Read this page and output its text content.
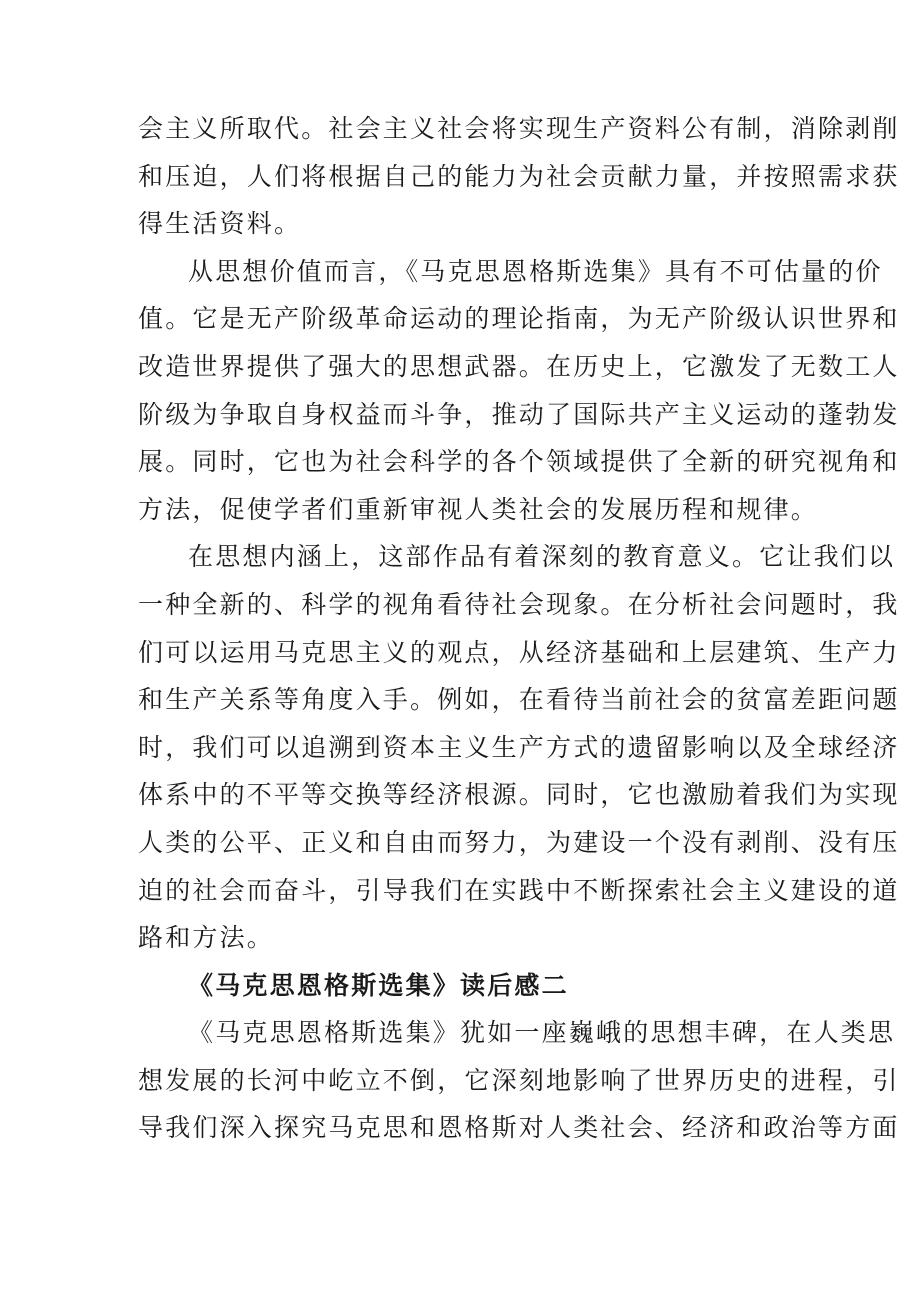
会主义所取代。社会主义社会将实现生产资料公有制，消除剥削
和压迫，人们将根据自己的能力为社会贡献力量，并按照需求获
得生活资料。

从思想价值而言，《马克思恩格斯选集》具有不可估量的价
值。它是无产阶级革命运动的理论指南，为无产阶级认识世界和
改造世界提供了强大的思想武器。在历史上，它激发了无数工人
阶级为争取自身权益而斗争，推动了国际共产主义运动的蓬勃发
展。同时，它也为社会科学的各个领域提供了全新的研究视角和
方法，促使学者们重新审视人类社会的发展历程和规律。

在思想内涵上，这部作品有着深刻的教育意义。它让我们以
一种全新的、科学的视角看待社会现象。在分析社会问题时，我
们可以运用马克思主义的观点，从经济基础和上层建筑、生产力
和生产关系等角度入手。例如，在看待当前社会的贫富差距问题
时，我们可以追溯到资本主义生产方式的遗留影响以及全球经济
体系中的不平等交换等经济根源。同时，它也激励着我们为实现
人类的公平、正义和自由而努力，为建设一个没有剥削、没有压
迫的社会而奋斗，引导我们在实践中不断探索社会主义建设的道
路和方法。

《马克思恩格斯选集》读后感二

《马克思恩格斯选集》犹如一座巍峨的思想丰碑，在人类思
想发展的长河中屹立不倒，它深刻地影响了世界历史的进程，引
导我们深入探究马克思和恩格斯对人类社会、经济和政治等方面
